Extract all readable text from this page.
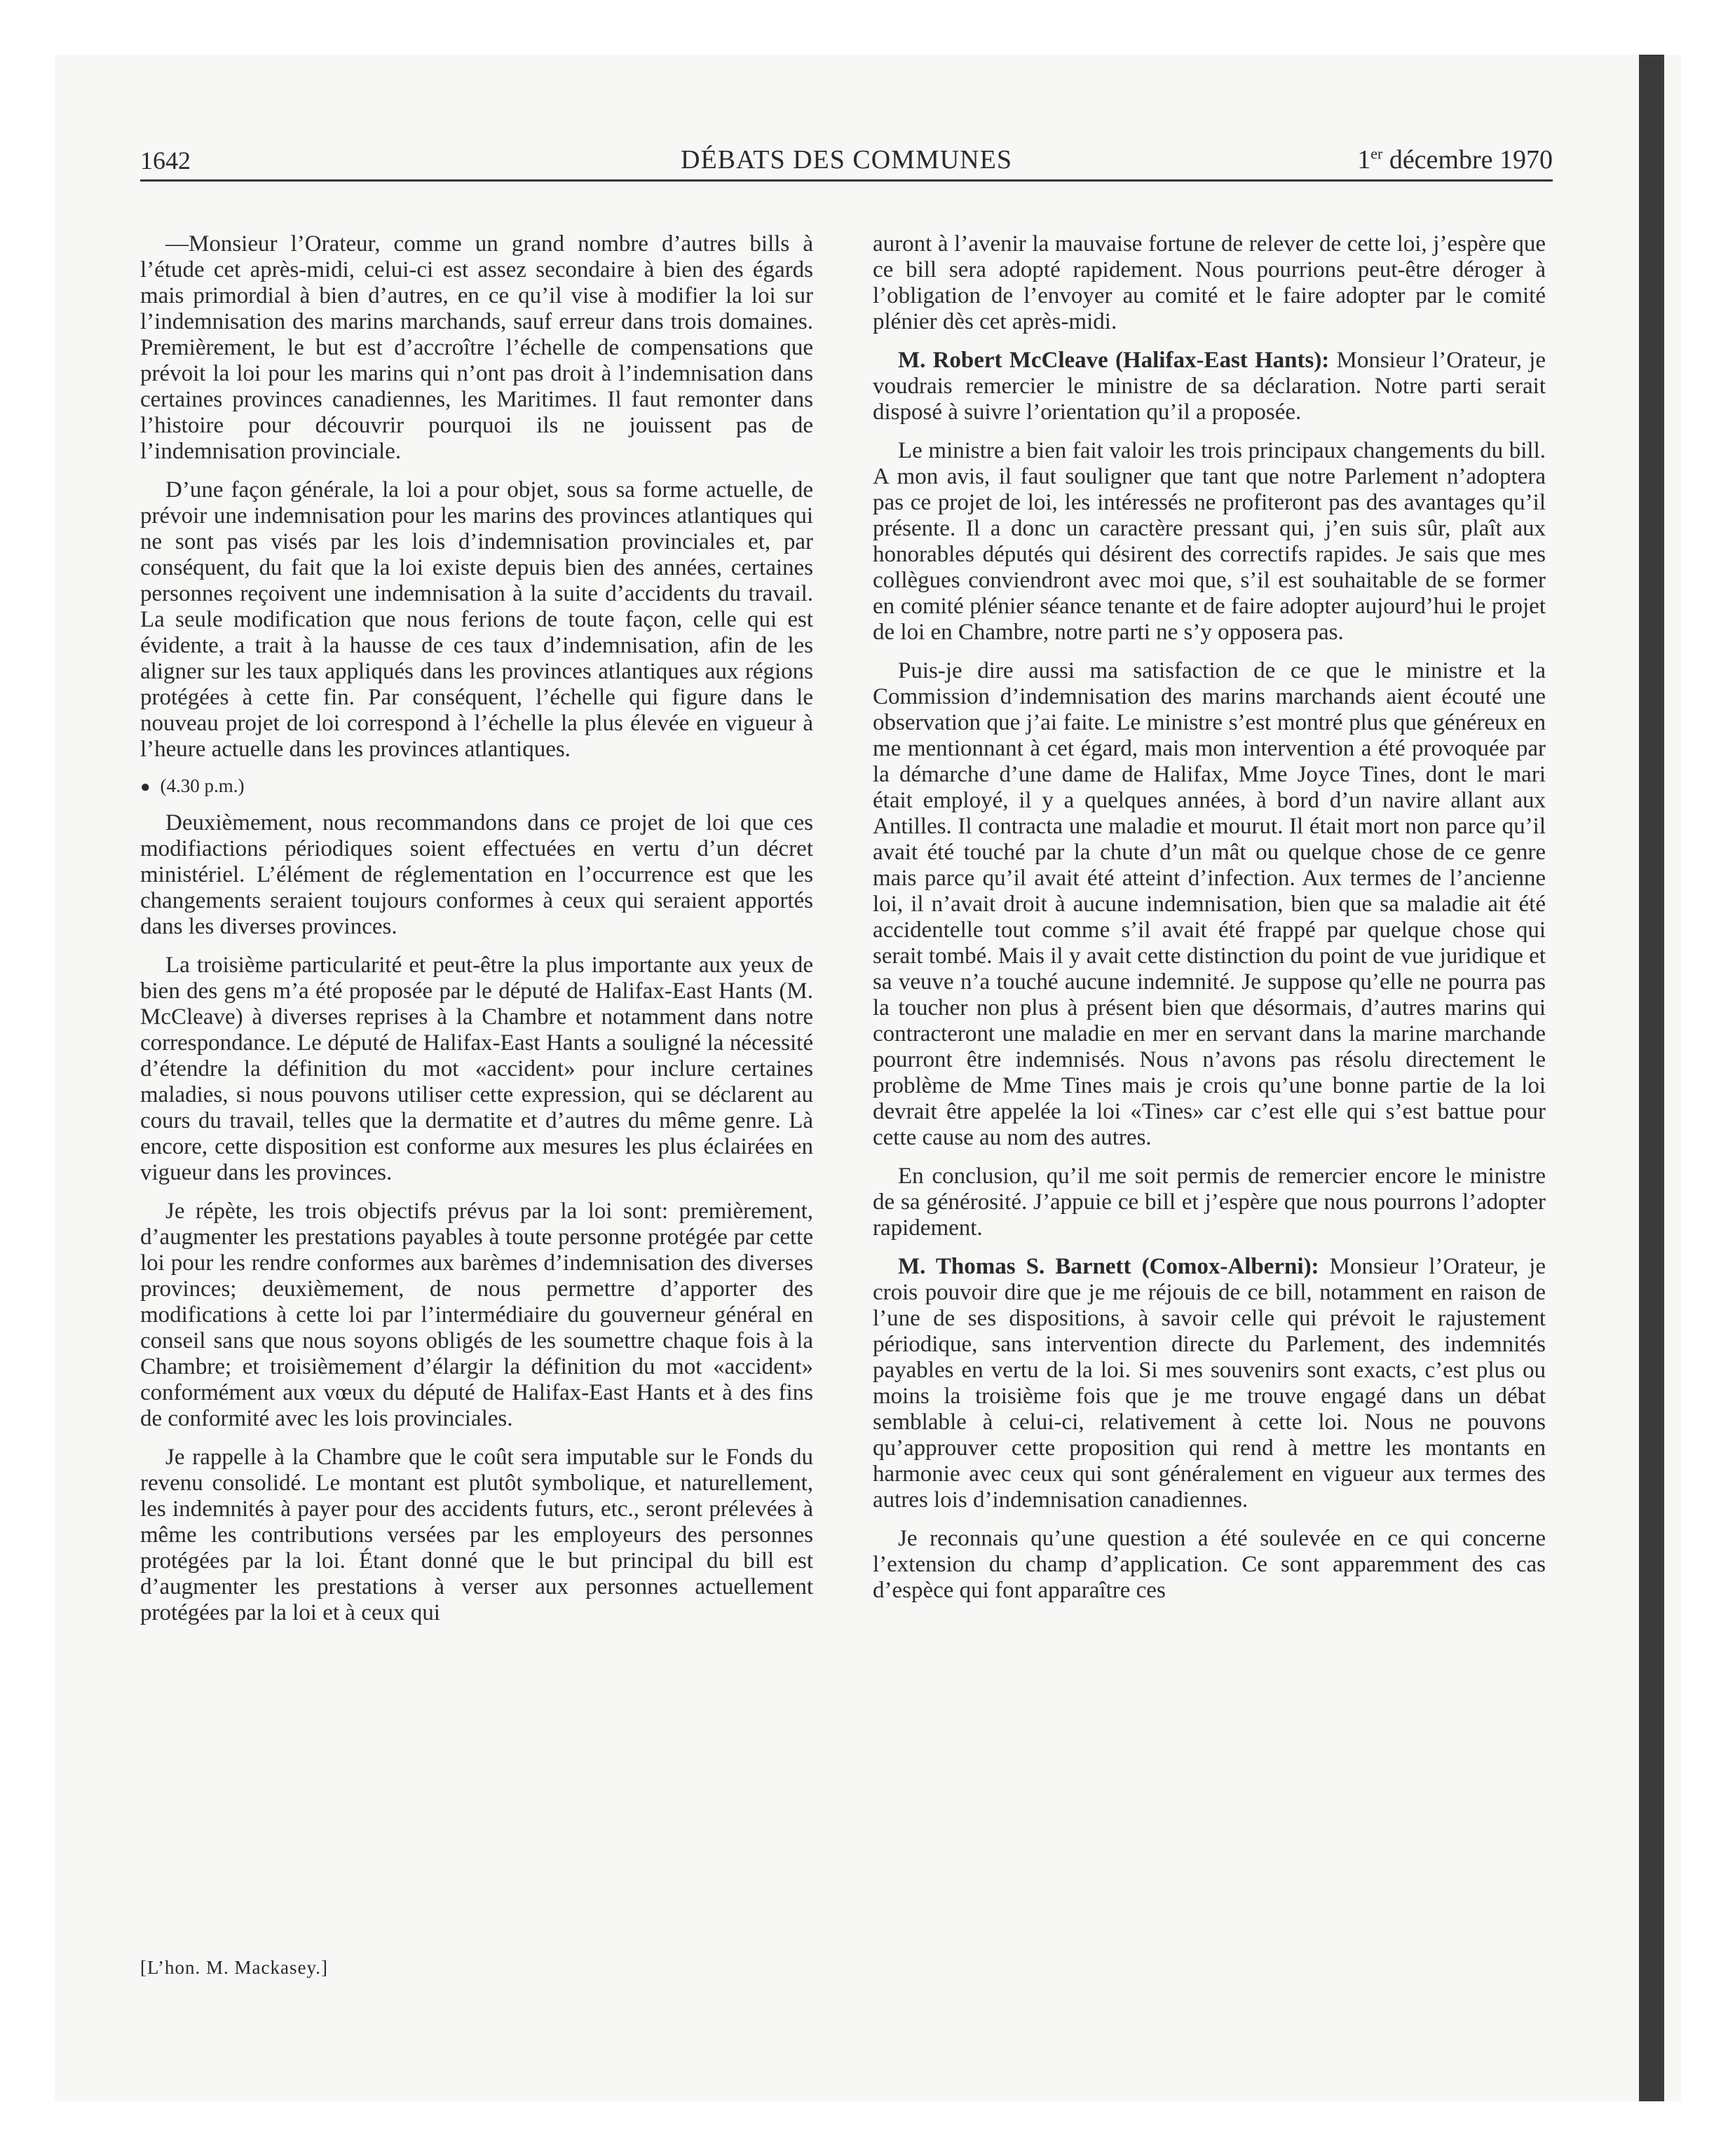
1642	DÉBATS DES COMMUNES	1er décembre 1970

—Monsieur l’Orateur, comme un grand nombre d’autres bills à l’étude cet après-midi, celui-ci est assez secondaire à bien des égards mais primordial à bien d’autres, en ce qu’il vise à modifier la loi sur l’indemnisation des marins marchands, sauf erreur dans trois domaines. Premièrement, le but est d’accroître l’échelle de compensations que prévoit la loi pour les marins qui n’ont pas droit à l’indemnisation dans certaines provinces canadiennes, les Maritimes. Il faut remonter dans l’histoire pour découvrir pourquoi ils ne jouissent pas de l’indemnisation provinciale.

D’une façon générale, la loi a pour objet, sous sa forme actuelle, de prévoir une indemnisation pour les marins des provinces atlantiques qui ne sont pas visés par les lois d’indemnisation provinciales et, par conséquent, du fait que la loi existe depuis bien des années, certaines personnes reçoivent une indemnisation à la suite d’accidents du travail. La seule modification que nous ferions de toute façon, celle qui est évidente, a trait à la hausse de ces taux d’indemnisation, afin de les aligner sur les taux appliqués dans les provinces atlantiques aux régions protégées à cette fin. Par conséquent, l’échelle qui figure dans le nouveau projet de loi correspond à l’échelle la plus élevée en vigueur à l’heure actuelle dans les provinces atlantiques.

● (4.30 p.m.)

Deuxièmement, nous recommandons dans ce projet de loi que ces modifiactions périodiques soient effectuées en vertu d’un décret ministériel. L’élément de réglementation en l’occurrence est que les changements seraient toujours conformes à ceux qui seraient apportés dans les diverses provinces.

La troisième particularité et peut-être la plus importante aux yeux de bien des gens m’a été proposée par le député de Halifax-East Hants (M. McCleave) à diverses reprises à la Chambre et notamment dans notre correspondance. Le député de Halifax-East Hants a souligné la nécessité d’étendre la définition du mot «accident» pour inclure certaines maladies, si nous pouvons utiliser cette expression, qui se déclarent au cours du travail, telles que la dermatite et d’autres du même genre. Là encore, cette disposition est conforme aux mesures les plus éclairées en vigueur dans les provinces.

Je répète, les trois objectifs prévus par la loi sont: premièrement, d’augmenter les prestations payables à toute personne protégée par cette loi pour les rendre conformes aux barèmes d’indemnisation des diverses provinces; deuxièmement, de nous permettre d’apporter des modifications à cette loi par l’intermédiaire du gouverneur général en conseil sans que nous soyons obligés de les soumettre chaque fois à la Chambre; et troisièmement d’élargir la définition du mot «accident» conformément aux vœux du député de Halifax-East Hants et à des fins de conformité avec les lois provinciales.

Je rappelle à la Chambre que le coût sera imputable sur le Fonds du revenu consolidé. Le montant est plutôt symbolique, et naturellement, les indemnités à payer pour des accidents futurs, etc., seront prélevées à même les contributions versées par les employeurs des personnes protégées par la loi. Étant donné que le but principal du bill est d’augmenter les prestations à verser aux personnes actuellement protégées par la loi et à ceux qui

auront à l’avenir la mauvaise fortune de relever de cette loi, j’espère que ce bill sera adopté rapidement. Nous pourrions peut-être déroger à l’obligation de l’envoyer au comité et le faire adopter par le comité plénier dès cet après-midi.

M. Robert McCleave (Halifax-East Hants): Monsieur l’Orateur, je voudrais remercier le ministre de sa déclaration. Notre parti serait disposé à suivre l’orientation qu’il a proposée.

Le ministre a bien fait valoir les trois principaux changements du bill. A mon avis, il faut souligner que tant que notre Parlement n’adoptera pas ce projet de loi, les intéressés ne profiteront pas des avantages qu’il présente. Il a donc un caractère pressant qui, j’en suis sûr, plaît aux honorables députés qui désirent des correctifs rapides. Je sais que mes collègues conviendront avec moi que, s’il est souhaitable de se former en comité plénier séance tenante et de faire adopter aujourd’hui le projet de loi en Chambre, notre parti ne s’y opposera pas.

Puis-je dire aussi ma satisfaction de ce que le ministre et la Commission d’indemnisation des marins marchands aient écouté une observation que j’ai faite. Le ministre s’est montré plus que généreux en me mentionnant à cet égard, mais mon intervention a été provoquée par la démarche d’une dame de Halifax, Mme Joyce Tines, dont le mari était employé, il y a quelques années, à bord d’un navire allant aux Antilles. Il contracta une maladie et mourut. Il était mort non parce qu’il avait été touché par la chute d’un mât ou quelque chose de ce genre mais parce qu’il avait été atteint d’infection. Aux termes de l’ancienne loi, il n’avait droit à aucune indemnisation, bien que sa maladie ait été accidentelle tout comme s’il avait été frappé par quelque chose qui serait tombé. Mais il y avait cette distinction du point de vue juridique et sa veuve n’a touché aucune indemnité. Je suppose qu’elle ne pourra pas la toucher non plus à présent bien que désormais, d’autres marins qui contracteront une maladie en mer en servant dans la marine marchande pourront être indemnisés. Nous n’avons pas résolu directement le problème de Mme Tines mais je crois qu’une bonne partie de la loi devrait être appelée la loi «Tines» car c’est elle qui s’est battue pour cette cause au nom des autres.

En conclusion, qu’il me soit permis de remercier encore le ministre de sa générosité. J’appuie ce bill et j’espère que nous pourrons l’adopter rapidement.

M. Thomas S. Barnett (Comox-Alberni): Monsieur l’Orateur, je crois pouvoir dire que je me réjouis de ce bill, notamment en raison de l’une de ses dispositions, à savoir celle qui prévoit le rajustement périodique, sans intervention directe du Parlement, des indemnités payables en vertu de la loi. Si mes souvenirs sont exacts, c’est plus ou moins la troisième fois que je me trouve engagé dans un débat semblable à celui-ci, relativement à cette loi. Nous ne pouvons qu’approuver cette proposition qui rend à mettre les montants en harmonie avec ceux qui sont généralement en vigueur aux termes des autres lois d’indemnisation canadiennes.

Je reconnais qu’une question a été soulevée en ce qui concerne l’extension du champ d’application. Ce sont apparemment des cas d’espèce qui font apparaître ces

[L’hon. M. Mackasey.]
